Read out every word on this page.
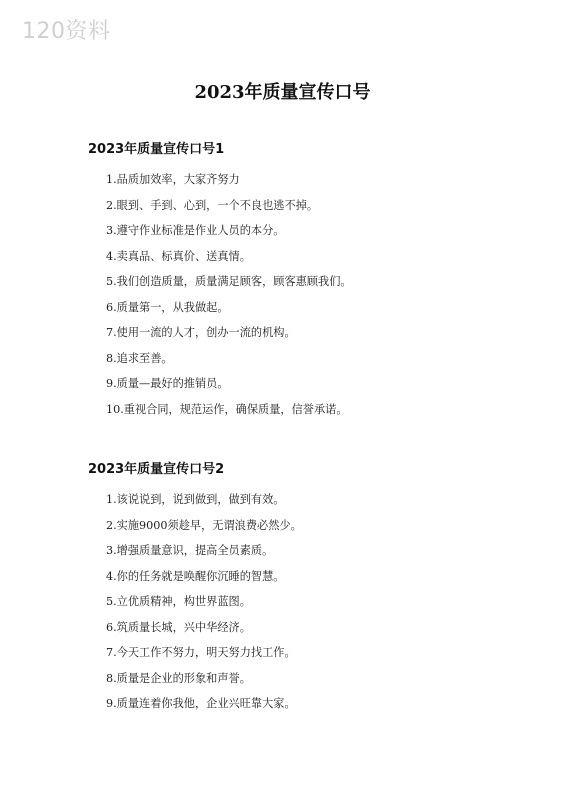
120资料
2023年质量宣传口号
2023年质量宣传口号1
1.品质加效率，大家齐努力
2.眼到、手到、心到，一个不良也逃不掉。
3.遵守作业标准是作业人员的本分。
4.卖真品、标真价、送真情。
5.我们创造质量，质量满足顾客，顾客惠顾我们。
6.质量第一，从我做起。
7.使用一流的人才，创办一流的机构。
8.追求至善。
9.质量—最好的推销员。
10.重视合同，规范运作，确保质量，信誉承诺。
2023年质量宣传口号2
1.该说说到，说到做到，做到有效。
2.实施9000须趁早，无谓浪费必然少。
3.增强质量意识，提高全员素质。
4.你的任务就是唤醒你沉睡的智慧。
5.立优质精神，构世界蓝图。
6.筑质量长城，兴中华经济。
7.今天工作不努力，明天努力找工作。
8.质量是企业的形象和声誉。
9.质量连着你我他，企业兴旺靠大家。
